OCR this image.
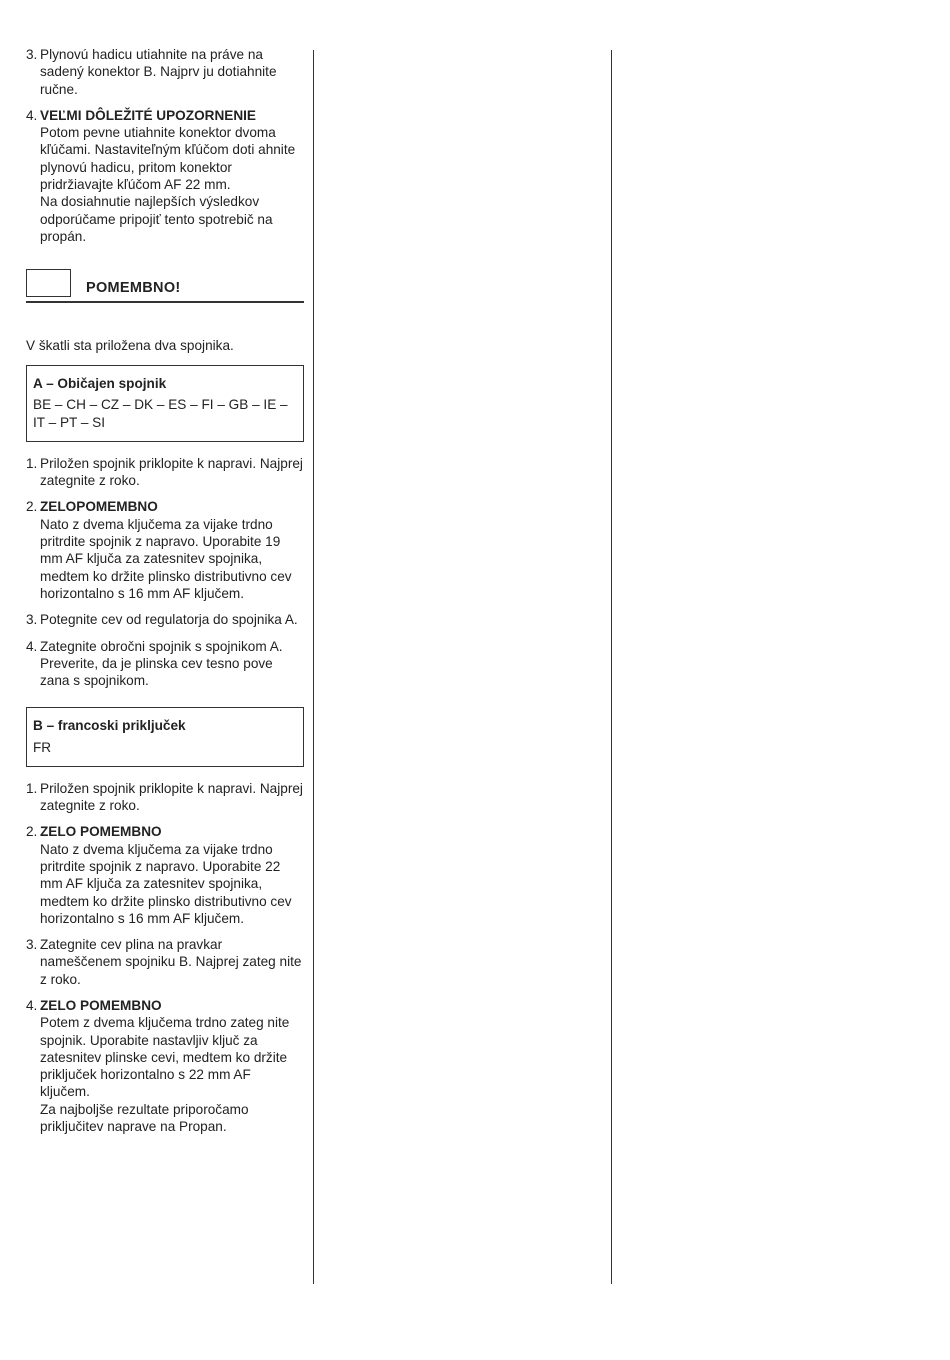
3. Plynovú hadicu utiahnite na práve na sadený konektor B. Najprv ju dotiahnite ručne.
4. VEĽMI DÔLEŽITÉ UPOZORNENIE
Potom pevne utiahnite konektor dvoma kľúčami. Nastaviteľným kľúčom doti ahnite plynovú hadicu, pritom konektor pridržiavajte kľúčom AF 22 mm.
Na dosiahnutie najlepších výsledkov odporúčame pripojiť tento spotrebič na propán.
POMEMBNO!
V škatli sta priložena dva spojnika.
A – Običajen spojnik
BE – CH – CZ – DK – ES – FI – GB – IE – IT – PT – SI
1. Priložen spojnik priklopite k napravi. Najprej zategnite z roko.
2. ZELOPOMEMBNO
Nato z dvema ključema za vijake trdno pritrdite spojnik z napravo. Uporabite 19 mm AF ključa za zatesnitev spojnika, medtem ko držite plinsko distributivno cev horizontalno s 16 mm AF ključem.
3. Potegnite cev od regulatorja do spojnika A.
4. Zategnite obročni spojnik s spojnikom A. Preverite, da je plinska cev tesno pove zana s spojnikom.
B – francoski priključek
FR
1. Priložen spojnik priklopite k napravi. Najprej zategnite z roko.
2. ZELO POMEMBNO
Nato z dvema ključema za vijake trdno pritrdite spojnik z napravo. Uporabite 22 mm AF ključa za zatesnitev spojnika, medtem ko držite plinsko distributivno cev horizontalno s 16 mm AF ključem.
3. Zategnite cev plina na pravkar nameščenem spojniku B. Najprej zateg nite z roko.
4. ZELO POMEMBNO
Potem z dvema ključema trdno zateg nite spojnik. Uporabite nastavljiv ključ za zatesnitev plinske cevi, medtem ko držite priključek horizontalno s 22 mm AF ključem.
Za najboljše rezultate priporočamo priključitev naprave na Propan.
